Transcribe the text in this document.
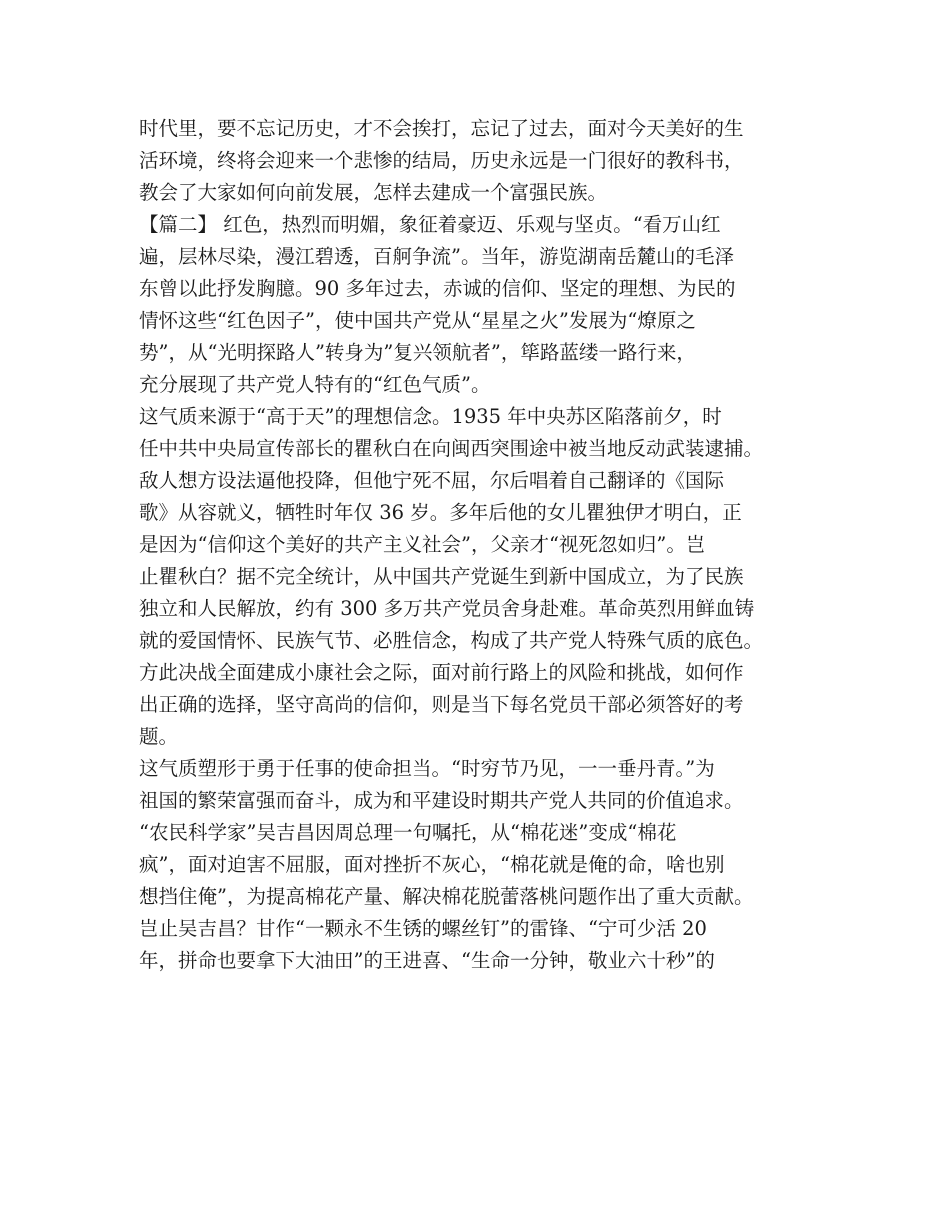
时代里，要不忘记历史，才不会挨打，忘记了过去，面对今天美好的生
活环境，终将会迎来一个悲惨的结局，历史永远是一门很好的教科书，
教会了大家如何向前发展，怎样去建成一个富强民族。
【篇二】 红色，热烈而明媚，象征着豪迈、乐观与坚贞。“看万山红
遍，层林尽染，漫江碧透，百舸争流”。当年，游览湖南岳麓山的毛泽
东曾以此抒发胸臆。90 多年过去，赤诚的信仰、坚定的理想、为民的
情怀这些“红色因子”，使中国共产党从“星星之火”发展为“燎原之
势”，从“光明探路人”转身为”复兴领航者”，筚路蓝缕一路行来，
充分展现了共产党人特有的“红色气质”。
这气质来源于“高于天”的理想信念。1935 年中央苏区陷落前夕，时
任中共中央局宣传部长的瞿秋白在向闽西突围途中被当地反动武装逮捕。
敌人想方设法逼他投降，但他宁死不屈，尔后唱着自己翻译的《国际
歌》从容就义，牺牲时年仅 36 岁。多年后他的女儿瞿独伊才明白，正
是因为“信仰这个美好的共产主义社会”，父亲才“视死忽如归”。岂
止瞿秋白？据不完全统计，从中国共产党诞生到新中国成立，为了民族
独立和人民解放，约有 300 多万共产党员舍身赴难。革命英烈用鲜血铸
就的爱国情怀、民族气节、必胜信念，构成了共产党人特殊气质的底色。
方此决战全面建成小康社会之际，面对前行路上的风险和挑战，如何作
出正确的选择，坚守高尚的信仰，则是当下每名党员干部必须答好的考
题。
这气质塑形于勇于任事的使命担当。“时穷节乃见，一一垂丹青。”为
祖国的繁荣富强而奋斗，成为和平建设时期共产党人共同的价值追求。
“农民科学家”吴吉昌因周总理一句嘱托，从“棉花迷”变成“棉花
疯”，面对迫害不屈服，面对挫折不灰心，“棉花就是俺的命，啥也别
想挡住俺”，为提高棉花产量、解决棉花脱蕾落桃问题作出了重大贡献。
岂止吴吉昌？甘作“一颗永不生锈的螺丝钉”的雷锋、“宁可少活 20
年，拼命也要拿下大油田”的王进喜、“生命一分钟，敬业六十秒”的
